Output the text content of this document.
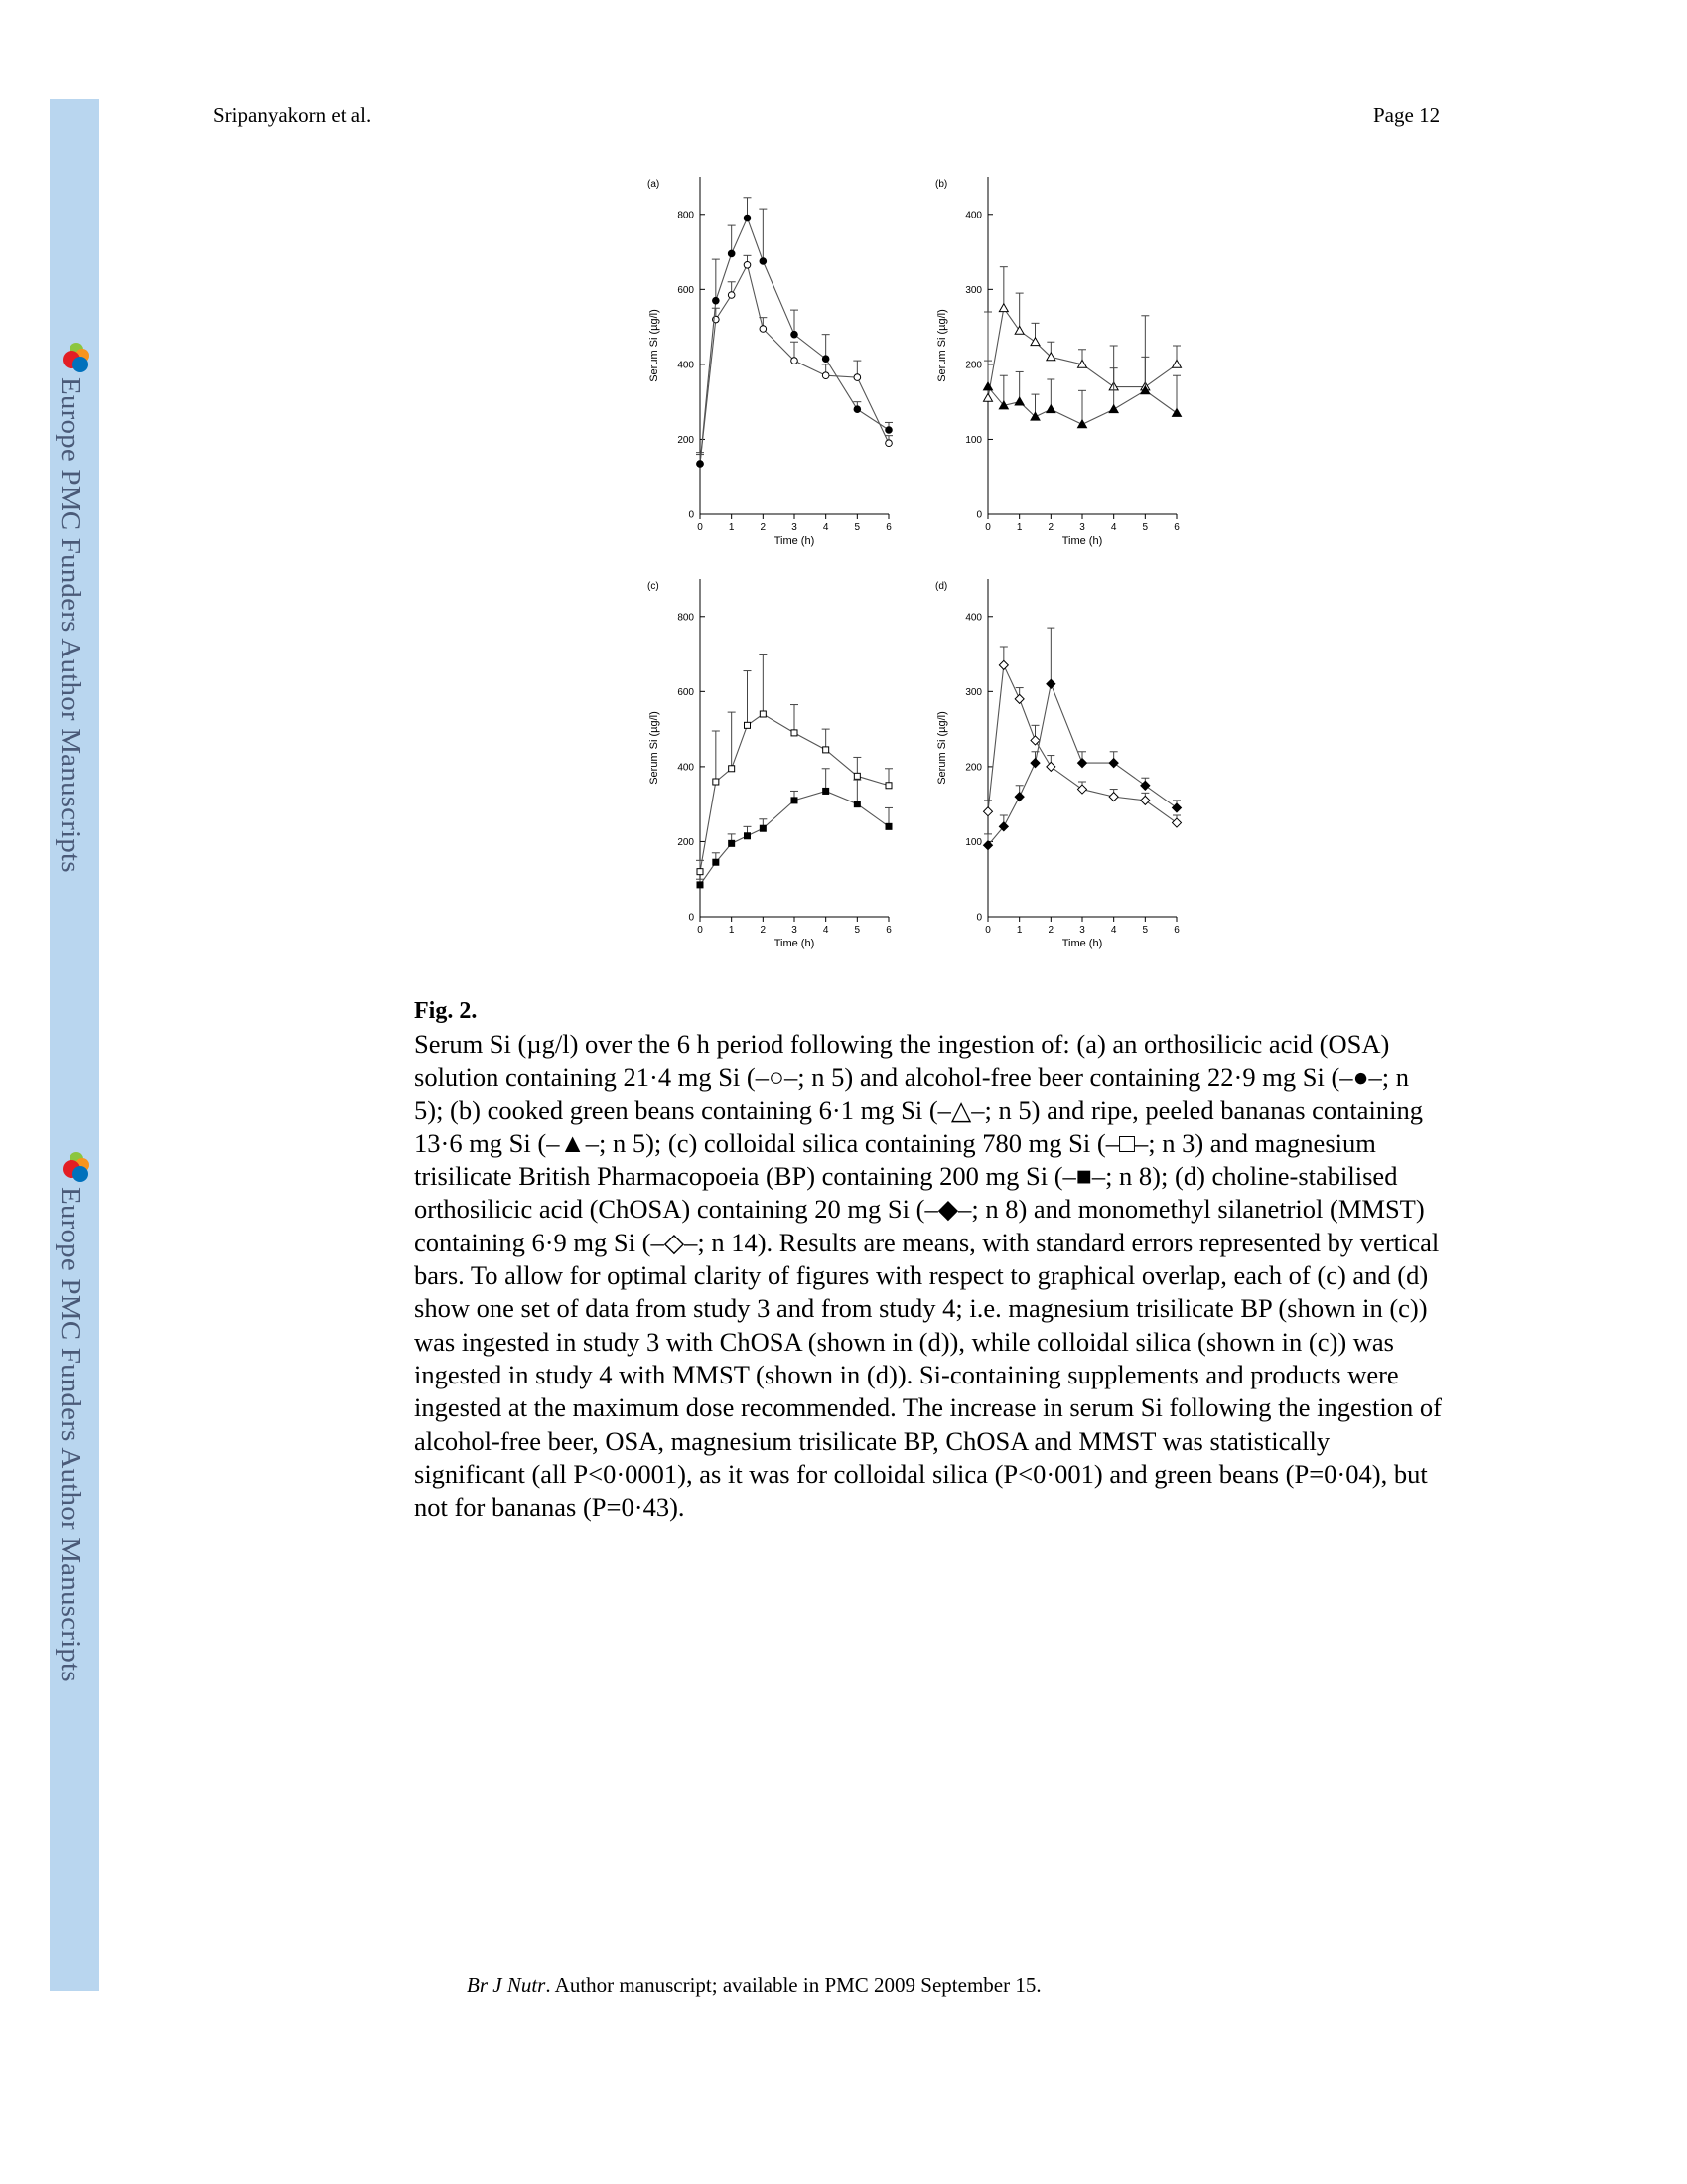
Europe PMC Funders Author Manuscripts
Europe PMC Funders Author Manuscripts
Sripanyakorn et al.	Page 12
(a)
0
200
400
600
800
0	1	2	3	4	5	6
Time (h)
Serum Si (µg/l)
(b)
0
100
200
300
400
0	1	2	3	4	5	6
Time (h)
Serum Si (µg/l)
(c)
0
200
400
600
800
0	1	2	3	4	5	6
Time (h)
Serum Si (µg/l)
(d)
0
100
200
300
400
0	1	2	3	4	5	6
Time (h)
Serum Si (µg/l)
Fig. 2.
Serum Si (µg/l) over the 6 h period following the ingestion of: (a) an orthosilicic acid (OSA) solution containing 21·4 mg Si (–○–; n 5) and alcohol-free beer containing 22·9 mg Si (–●–; n 5); (b) cooked green beans containing 6·1 mg Si (–△–; n 5) and ripe, peeled bananas containing 13·6 mg Si (–▲–; n 5); (c) colloidal silica containing 780 mg Si (–□–; n 3) and magnesium trisilicate British Pharmacopoeia (BP) containing 200 mg Si (–■–; n 8); (d) choline-stabilised orthosilicic acid (ChOSA) containing 20 mg Si (–◆–; n 8) and monomethyl silanetriol (MMST) containing 6·9 mg Si (–◇–; n 14). Results are means, with standard errors represented by vertical bars. To allow for optimal clarity of figures with respect to graphical overlap, each of (c) and (d) show one set of data from study 3 and from study 4; i.e. magnesium trisilicate BP (shown in (c)) was ingested in study 3 with ChOSA (shown in (d)), while colloidal silica (shown in (c)) was ingested in study 4 with MMST (shown in (d)). Si-containing supplements and products were ingested at the maximum dose recommended. The increase in serum Si following the ingestion of alcohol-free beer, OSA, magnesium trisilicate BP, ChOSA and MMST was statistically significant (all P<0·0001), as it was for colloidal silica (P<0·001) and green beans (P=0·04), but not for bananas (P=0·43).
Br J Nutr. Author manuscript; available in PMC 2009 September 15.
